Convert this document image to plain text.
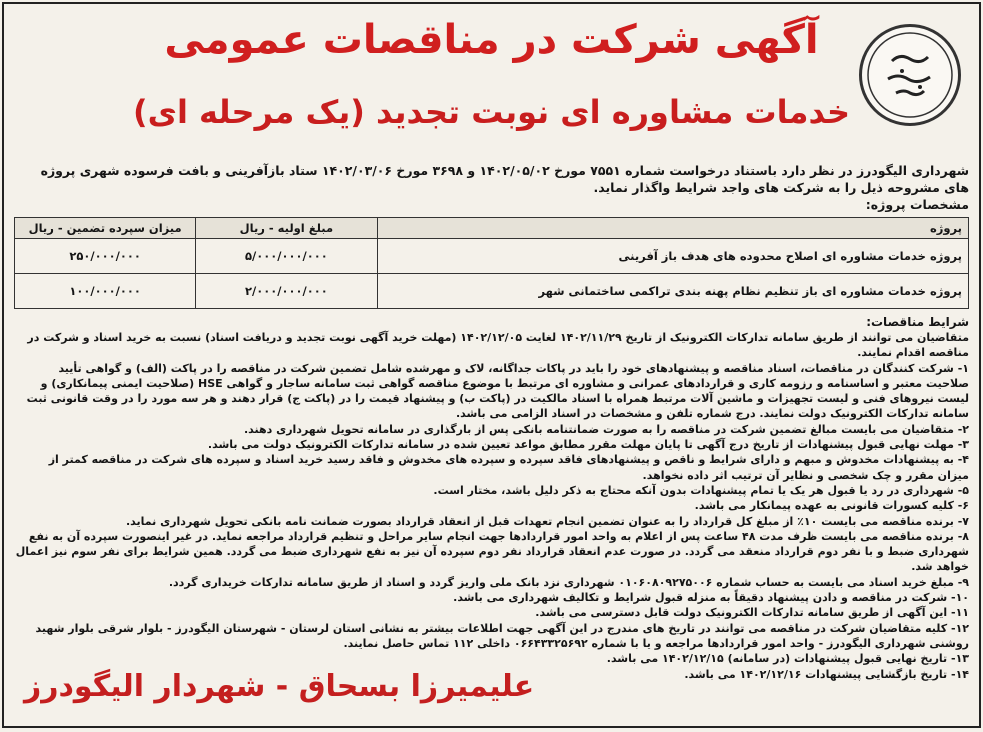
آگهی شرکت در مناقصات عمومی
خدمات مشاوره ای نوبت تجدید (یک مرحله ای)
شهرداری الیگودرز در نظر دارد باستناد درخواست شماره ۷۵۵۱ مورخ ۱۴۰۲/۰۵/۰۲ و ۳۶۹۸ مورخ ۱۴۰۲/۰۳/۰۶ ستاد بازآفرینی و بافت فرسوده شهری پروژه های مشروحه ذیل را به شرکت های واجد شرایط واگذار نماید.
مشخصات پروژه:
پروژه	مبلغ اولیه - ریال	میزان سپرده تضمین - ریال
پروژه خدمات مشاوره ای اصلاح محدوده های هدف باز آفرینی	۵/۰۰۰/۰۰۰/۰۰۰	۲۵۰/۰۰۰/۰۰۰
پروژه خدمات مشاوره ای باز تنظیم نظام پهنه بندی تراکمی ساختمانی شهر	۲/۰۰۰/۰۰۰/۰۰۰	۱۰۰/۰۰۰/۰۰۰
شرایط مناقصات:
متقاضیان می توانند از طریق سامانه تدارکات الکترونیک از تاریخ ۱۴۰۲/۱۱/۲۹ لغایت ۱۴۰۲/۱۲/۰۵ (مهلت خرید آگهی نوبت تجدید و دریافت اسناد) نسبت به خرید اسناد و شرکت در مناقصه اقدام نمایند.
۱- شرکت کنندگان در مناقصات، اسناد مناقصه و پیشنهادهای خود را باید در پاکات جداگانه، لاک و مهرشده شامل تضمین شرکت در مناقصه را در پاکت (الف) و گواهی تأیید صلاحیت معتبر و اساسنامه و رزومه کاری و قراردادهای عمرانی و مشاوره ای مرتبط با موضوع مناقصه گواهی ثبت سامانه ساجار و گواهی HSE (صلاحیت ایمنی پیمانکاری) و لیست نیروهای فنی و لیست تجهیزات و ماشین آلات مرتبط همراه با اسناد مالکیت در (پاکت ب) و پیشنهاد قیمت را در (پاکت ج) قرار دهند و هر سه مورد را در وقت قانونی ثبت سامانه تدارکات الکترونیک دولت نمایند. درج شماره تلفن و مشخصات در اسناد الزامی می باشد.
۲- متقاضیان می بایست مبالغ تضمین شرکت در مناقصه را به صورت ضمانتنامه بانکی پس از بارگذاری در سامانه تحویل شهرداری دهند.
۳- مهلت نهایی قبول پیشنهادات از تاریخ درج آگهی تا پایان مهلت مقرر مطابق مواعد تعیین شده در سامانه تدارکات الکترونیک دولت می باشد.
۴- به پیشنهادات مخدوش و مبهم و دارای شرایط و ناقص و پیشنهادهای فاقد سپرده و سپرده های مخدوش و فاقد رسید خرید اسناد و سپرده های شرکت در مناقصه کمتر از میزان مقرر و چک شخصی و نظایر آن ترتیب اثر داده نخواهد.
۵- شهرداری در رد یا قبول هر یک یا تمام پیشنهادات بدون آنکه محتاج به ذکر دلیل باشد، مختار است.
۶- کلیه کسورات قانونی به عهده پیمانکار می باشد.
۷- برنده مناقصه می بایست ۱۰٪ از مبلغ کل قرارداد را به عنوان تضمین انجام تعهدات قبل از انعقاد قرارداد بصورت ضمانت نامه بانکی تحویل شهرداری نماید.
۸- برنده مناقصه می بایست ظرف مدت ۴۸ ساعت پس از اعلام به واحد امور قراردادها جهت انجام سایر مراحل و تنظیم قرارداد مراجعه نماید. در غیر اینصورت سپرده آن به نفع شهرداری ضبط و با نفر دوم قرارداد منعقد می گردد. در صورت عدم انعقاد قرارداد نفر دوم سپرده آن نیز به نفع شهرداری ضبط می گردد. همین شرایط برای نفر سوم نیز اعمال خواهد شد.
۹- مبلغ خرید اسناد می بایست به حساب شماره ۰۱۰۶۰۸۰۹۲۷۵۰۰۶ شهرداری نزد بانک ملی واریز گردد و اسناد از طریق سامانه تدارکات خریداری گردد.
۱۰- شرکت در مناقصه و دادن پیشنهاد دقیقاً به منزله قبول شرایط و تکالیف شهرداری می باشد.
۱۱- این آگهی از طریق سامانه تدارکات الکترونیک دولت قابل دسترسی می باشد.
۱۲- کلیه متقاضیان شرکت در مناقصه می توانند در تاریخ های مندرج در این آگهی جهت اطلاعات بیشتر به نشانی استان لرستان - شهرستان الیگودرز - بلوار شرقی بلوار شهید روشنی شهرداری الیگودرز - واحد امور قراردادها مراجعه و یا با شماره ۰۶۶۴۳۳۲۵۶۹۲ داخلی ۱۱۲ تماس حاصل نمایند.
۱۳- تاریخ نهایی قبول پیشنهادات (در سامانه) ۱۴۰۲/۱۲/۱۵ می باشد.
۱۴- تاریخ بازگشایی پیشنهادات ۱۴۰۲/۱۲/۱۶ می باشد.
علیمیرزا بسحاق - شهردار الیگودرز
